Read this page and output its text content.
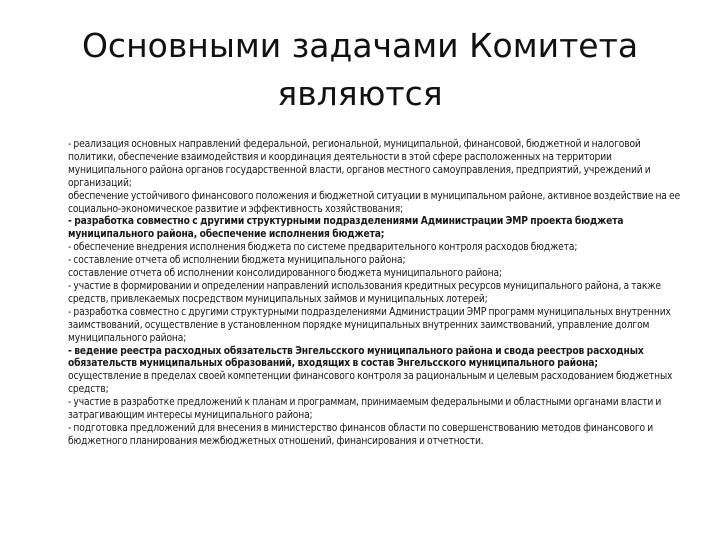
Основными задачами Комитета
являются
- реализация основных направлений федеральной, региональной, муниципальной, финансовой, бюджетной и налоговой политики, обеспечение взаимодействия и координация деятельности в этой сфере расположенных на территории муниципального района органов государственной власти, органов местного самоуправления, предприятий, учреждений и организаций;
обеспечение устойчивого финансового положения и бюджетной ситуации в муниципальном районе, активное воздействие на ее социально-экономическое развитие и эффективность хозяйствования;
- разработка совместно с другими структурными подразделениями Администрации ЭМР проекта бюджета муниципального района, обеспечение исполнения бюджета;
- обеспечение внедрения исполнения бюджета по системе предварительного контроля расходов бюджета;
- составление отчета об исполнении бюджета муниципального района;
составление отчета об исполнении консолидированного бюджета муниципального района;
- участие в формировании и определении направлений использования кредитных ресурсов муниципального района, а также средств, привлекаемых посредством муниципальных займов и муниципальных лотерей;
- разработка совместно с другими структурными подразделениями Администрации ЭМР программ муниципальных внутренних заимствований, осуществление в установленном порядке муниципальных внутренних заимствований, управление долгом муниципального района;
- ведение реестра расходных обязательств Энгельсского муниципального района и свода реестров расходных обязательств муниципальных образований, входящих в состав Энгельсского муниципального района;
осуществление в пределах своей компетенции финансового контроля за рациональным и целевым расходованием бюджетных средств;
- участие в разработке предложений к планам и программам, принимаемым федеральными и областными органами власти и затрагивающим интересы муниципального района;
- подготовка предложений для внесения в министерство финансов области по совершенствованию методов финансового и бюджетного планирования межбюджетных отношений, финансирования и отчетности.
